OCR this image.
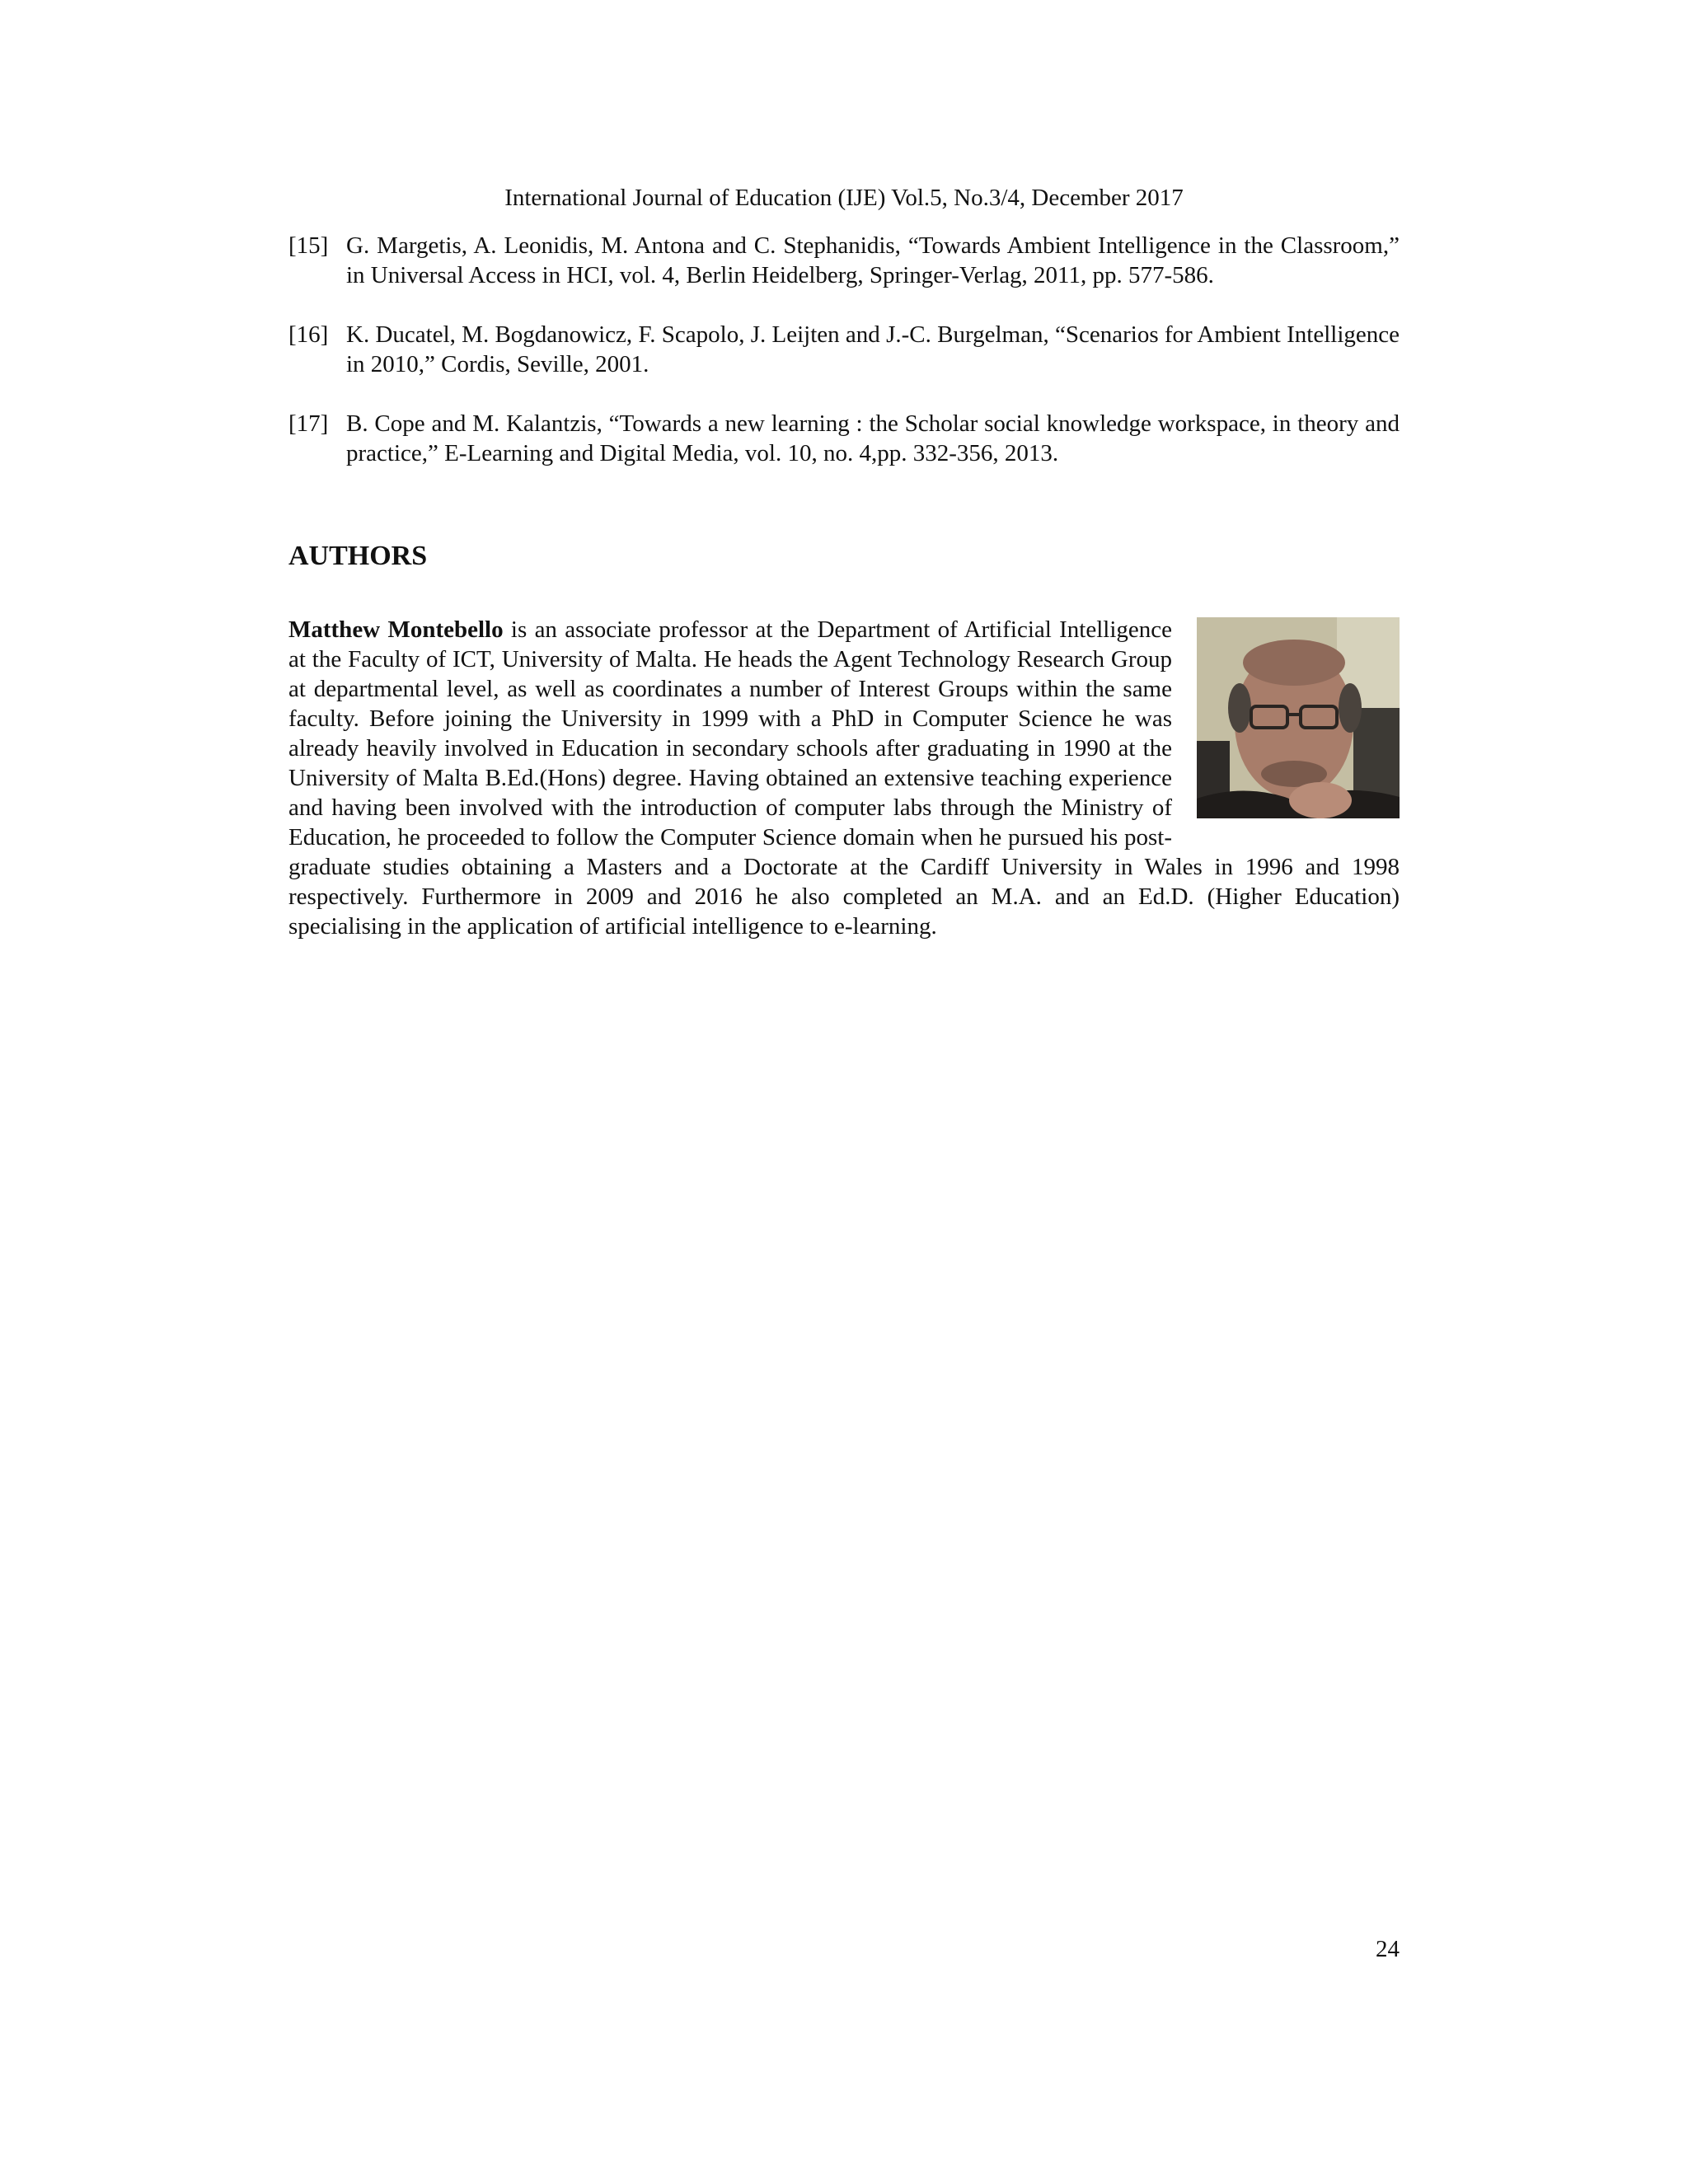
International Journal of Education (IJE) Vol.5, No.3/4, December 2017
[15] G. Margetis, A. Leonidis, M. Antona and C. Stephanidis, “Towards Ambient Intelligence in the Classroom,” in Universal Access in HCI, vol. 4, Berlin Heidelberg, Springer-Verlag, 2011, pp. 577-586.
[16] K. Ducatel, M. Bogdanowicz, F. Scapolo, J. Leijten and J.-C. Burgelman, “Scenarios for Ambient Intelligence in 2010,” Cordis, Seville, 2001.
[17] B. Cope and M. Kalantzis, “Towards a new learning : the Scholar social knowledge workspace, in theory and practice,” E-Learning and Digital Media, vol. 10, no. 4,pp. 332-356, 2013.
AUTHORS
Matthew Montebello is an associate professor at the Department of Artificial Intelligence at the Faculty of ICT, University of Malta. He heads the Agent Technology Research Group at departmental level, as well as coordinates a number of Interest Groups within the same faculty. Before joining the University in 1999 with a PhD in Computer Science he was already heavily involved in Education in secondary schools after graduating in 1990 at the University of Malta B.Ed.(Hons) degree. Having obtained an extensive teaching experience and having been involved with the introduction of computer labs through the Ministry of Education, he proceeded to follow the Computer Science domain when he pursued his post-graduate studies obtaining a Masters and a Doctorate at the Cardiff University in Wales in 1996 and 1998 respectively. Furthermore in 2009 and 2016 he also completed an M.A. and an Ed.D. (Higher Education) specialising in the application of artificial intelligence to e-learning.
24
